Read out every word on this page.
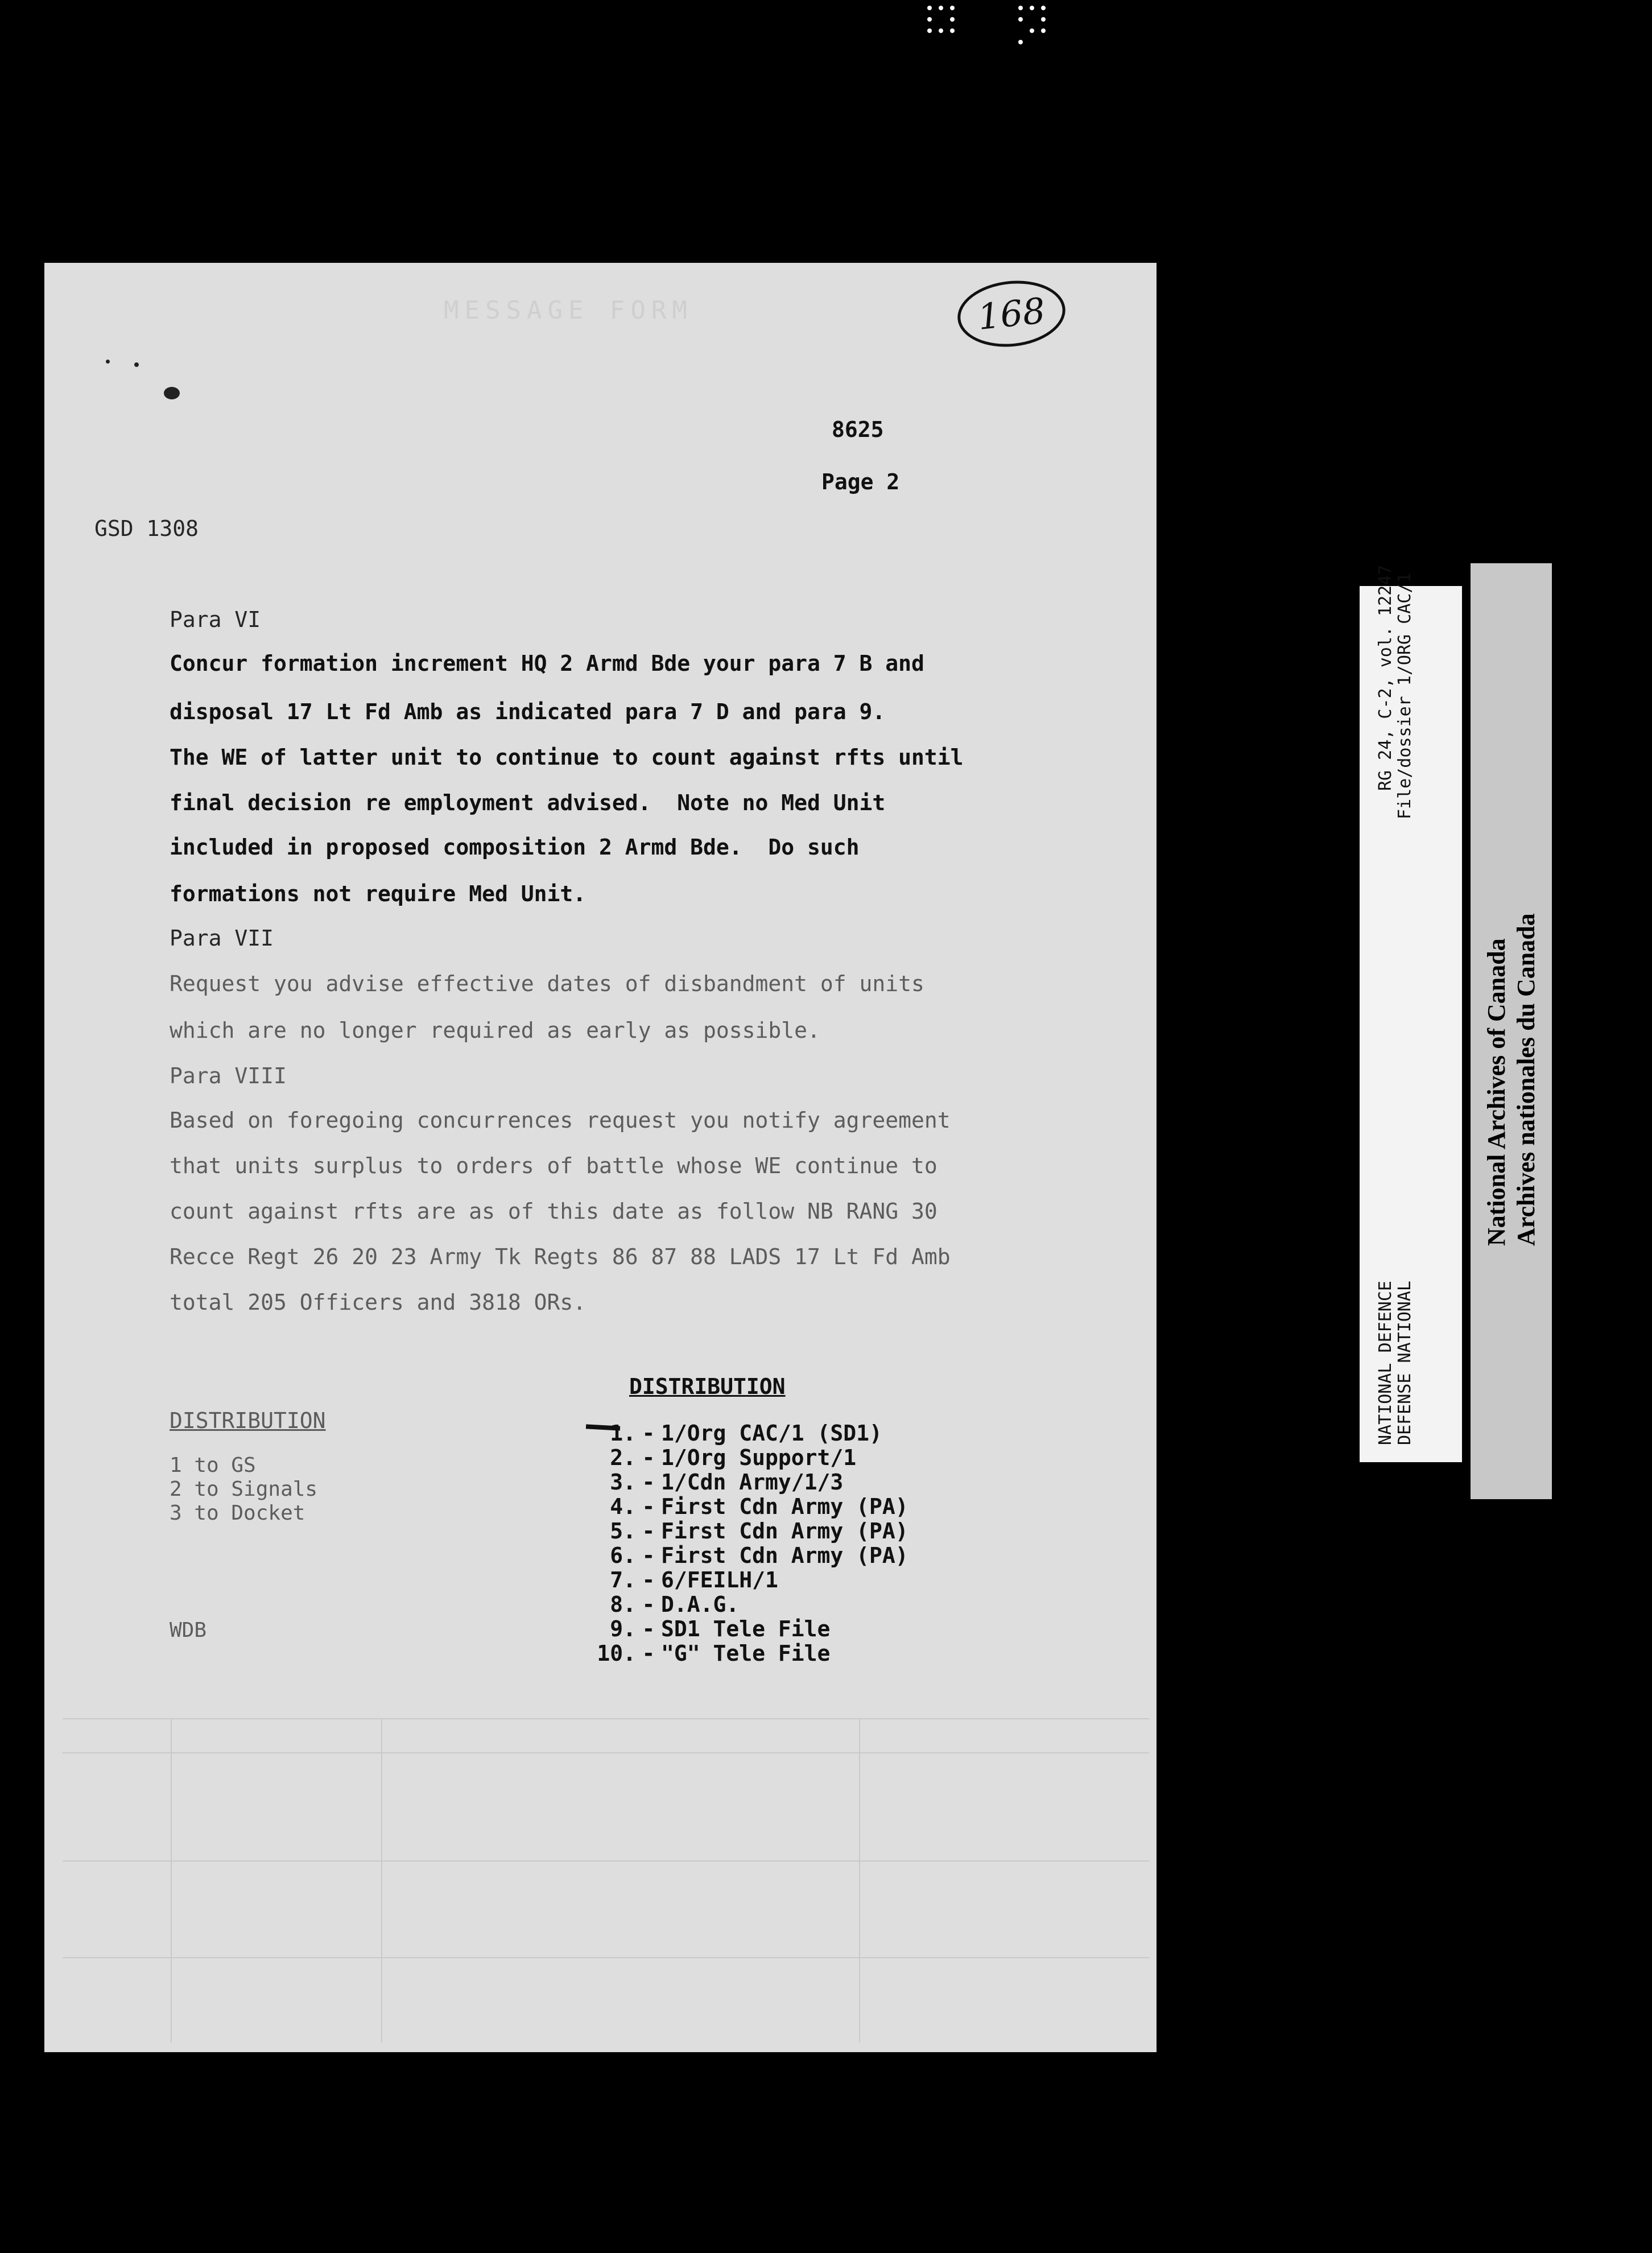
MESSAGE FORM	168
8625
Page 2
GSD 1308
Para VI
Concur formation increment HQ 2 Armd Bde your para 7 B and
disposal 17 Lt Fd Amb as indicated para 7 D and para 9.
The WE of latter unit to continue to count against rfts until
final decision re employment advised.  Note no Med Unit
included in proposed composition 2 Armd Bde.  Do such
formations not require Med Unit.
Para VII
Request you advise effective dates of disbandment of units
which are no longer required as early as possible.
Para VIII
Based on foregoing concurrences request you notify agreement
that units surplus to orders of battle whose WE continue to
count against rfts are as of this date as follow NB RANG 30
Recce Regt 26 20 23 Army Tk Regts 86 87 88 LADS 17 Lt Fd Amb
total 205 Officers and 3818 ORs.
DISTRIBUTION
1 to GS
2 to Signals
3 to Docket
WDB
DISTRIBUTION
1. - 1/Org CAC/1 (SD1)
2. - 1/Org Support/1
3. - 1/Cdn Army/1/3
4. - First Cdn Army (PA)
5. - First Cdn Army (PA)
6. - First Cdn Army (PA)
7. - 6/FEILH/1
8. - D.A.G.
9. - SD1 Tele File
10. - "G" Tele File
RG 24, C-2, vol. 12247 File/dossier 1/ORG CAC/1
NATIONAL DEFENCE DEFENSE NATIONAL
National Archives of Canada Archives nationales du Canada
